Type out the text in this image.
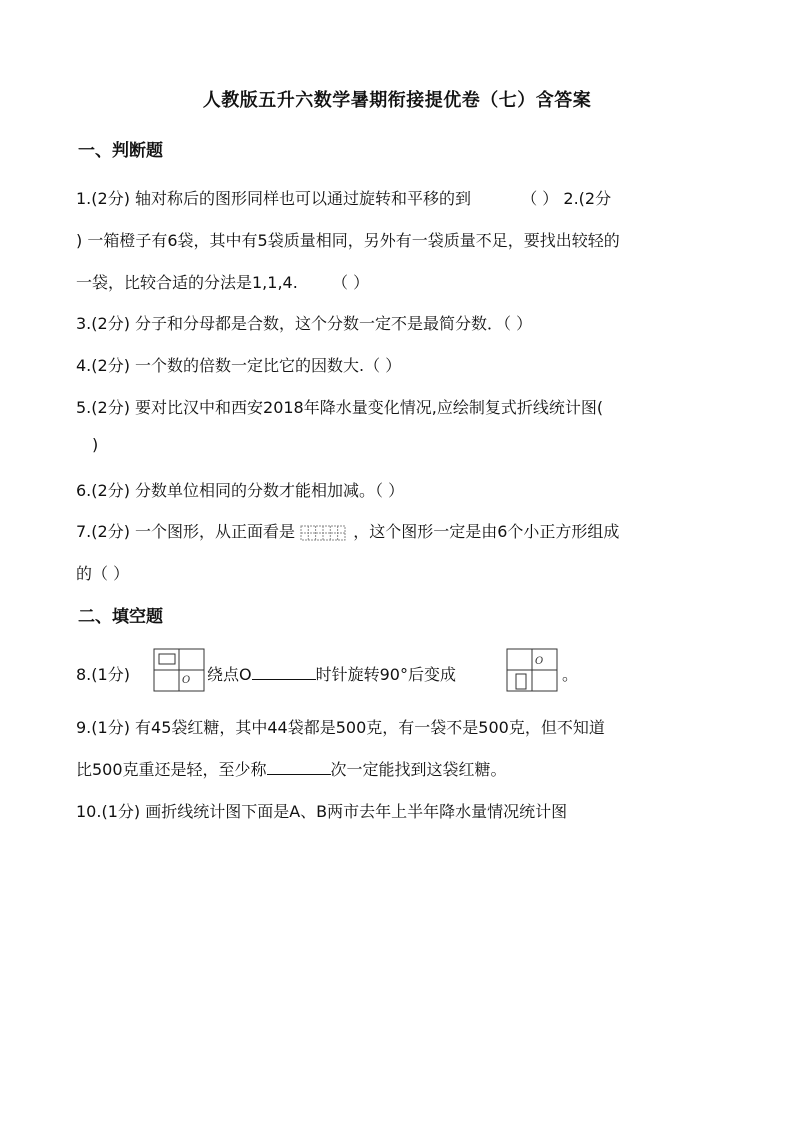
人教版五升六数学暑期衔接提优卷（七）含答案
一、判断题
1.(2分) 轴对称后的图形同样也可以通过旋转和平移的到	（ ） 2.(2分
) 一箱橙子有6袋，其中有5袋质量相同，另外有一袋质量不足，要找出较轻的
一袋，比较合适的分法是1,1,4. （ ）
3.(2分) 分子和分母都是合数，这个分数一定不是最简分数．（ ）
4.(2分) 一个数的倍数一定比它的因数大.（ ）
5.(2分) 要对比汉中和西安2018年降水量变化情况,应绘制复式折线统计图(
)
6.(2分) 分数单位相同的分数才能相加减。（ ）
7.(2分) 一个图形，从正面看是	，这个图形一定是由6个小正方形组成
的（ ）
二、填空题
8.(1分)	O 绕点O	时针旋转90°后变成
O
。
9.(1分) 有45袋红糖，其中44袋都是500克，有一袋不是500克，但不知道
比500克重还是轻，至少称	次一定能找到这袋红糖。
10.(1分) 画折线统计图下面是A、B两市去年上半年降水量情况统计图
